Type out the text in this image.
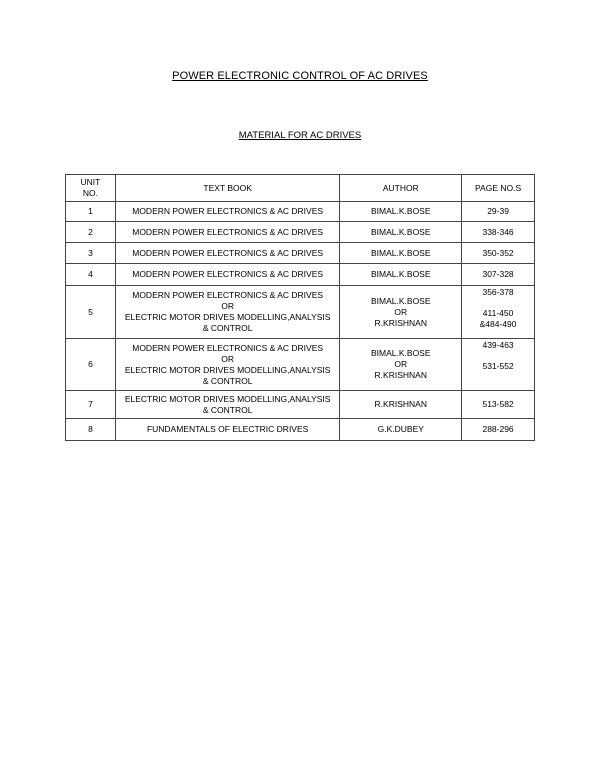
POWER ELECTRONIC CONTROL OF AC DRIVES
MATERIAL FOR AC DRIVES
UNIT
NO.	TEXT BOOK	AUTHOR	PAGE NO.S
1	MODERN POWER ELECTRONICS & AC DRIVES	BIMAL.K.BOSE	29-39
2	MODERN POWER ELECTRONICS & AC DRIVES	BIMAL.K.BOSE	338-346
3	MODERN POWER ELECTRONICS & AC DRIVES	BIMAL.K.BOSE	350-352
4	MODERN POWER ELECTRONICS & AC DRIVES	BIMAL.K.BOSE	307-328
5	MODERN POWER ELECTRONICS & AC DRIVES
OR
ELECTRIC MOTOR DRIVES MODELLING,ANALYSIS
& CONTROL	BIMAL.K.BOSE
OR
R.KRISHNAN	356-378
411-450
&484-490

6	MODERN POWER ELECTRONICS & AC DRIVES
OR
ELECTRIC MOTOR DRIVES MODELLING,ANALYSIS
& CONTROL	BIMAL.K.BOSE
OR
R.KRISHNAN	439-463
531-552

7	ELECTRIC MOTOR DRIVES MODELLING,ANALYSIS
& CONTROL	R.KRISHNAN	513-582
8	FUNDAMENTALS OF ELECTRIC DRIVES	G.K.DUBEY	288-296
